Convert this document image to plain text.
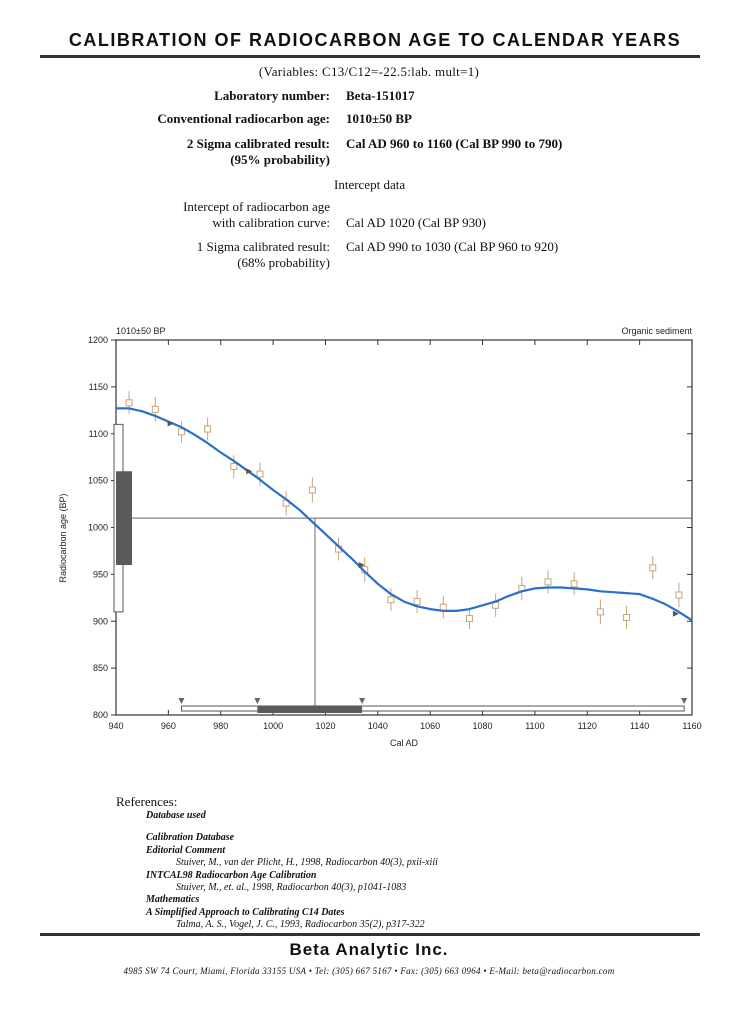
CALIBRATION OF RADIOCARBON AGE TO CALENDAR YEARS
(Variables: C13/C12=-22.5:lab. mult=1)
Laboratory number: Beta-151017
Conventional radiocarbon age: 1010±50 BP
2 Sigma calibrated result: Cal AD 960 to 1160 (Cal BP 990 to 790)
(95% probability)
Intercept data
Intercept of radiocarbon age
with calibration curve: Cal AD 1020 (Cal BP 930)
1 Sigma calibrated result: Cal AD 990 to 1030 (Cal BP 960 to 920)
(68% probability)
1010±50 BP	Organic sediment
Cal AD
Radiocarbon age (BP)
800
850
900
950
1000
1050
1100
1150
1200
940	960	980	1000	1020	1040	1060	1080	1100	1120	1140	1160
References:
Database used
Calibration Database
Editorial Comment
Stuiver, M., van der Plicht, H., 1998, Radiocarbon 40(3), pxii-xiii
INTCAL98 Radiocarbon Age Calibration
Stuiver, M., et. al., 1998, Radiocarbon 40(3), p1041-1083
Mathematics
A Simplified Approach to Calibrating C14 Dates
Talma, A. S., Vogel, J. C., 1993, Radiocarbon 35(2), p317-322
Beta Analytic Inc.
4985 SW 74 Court, Miami, Florida 33155 USA • Tel: (305) 667 5167 • Fax: (305) 663 0964 • E-Mail: beta@radiocarbon.com
